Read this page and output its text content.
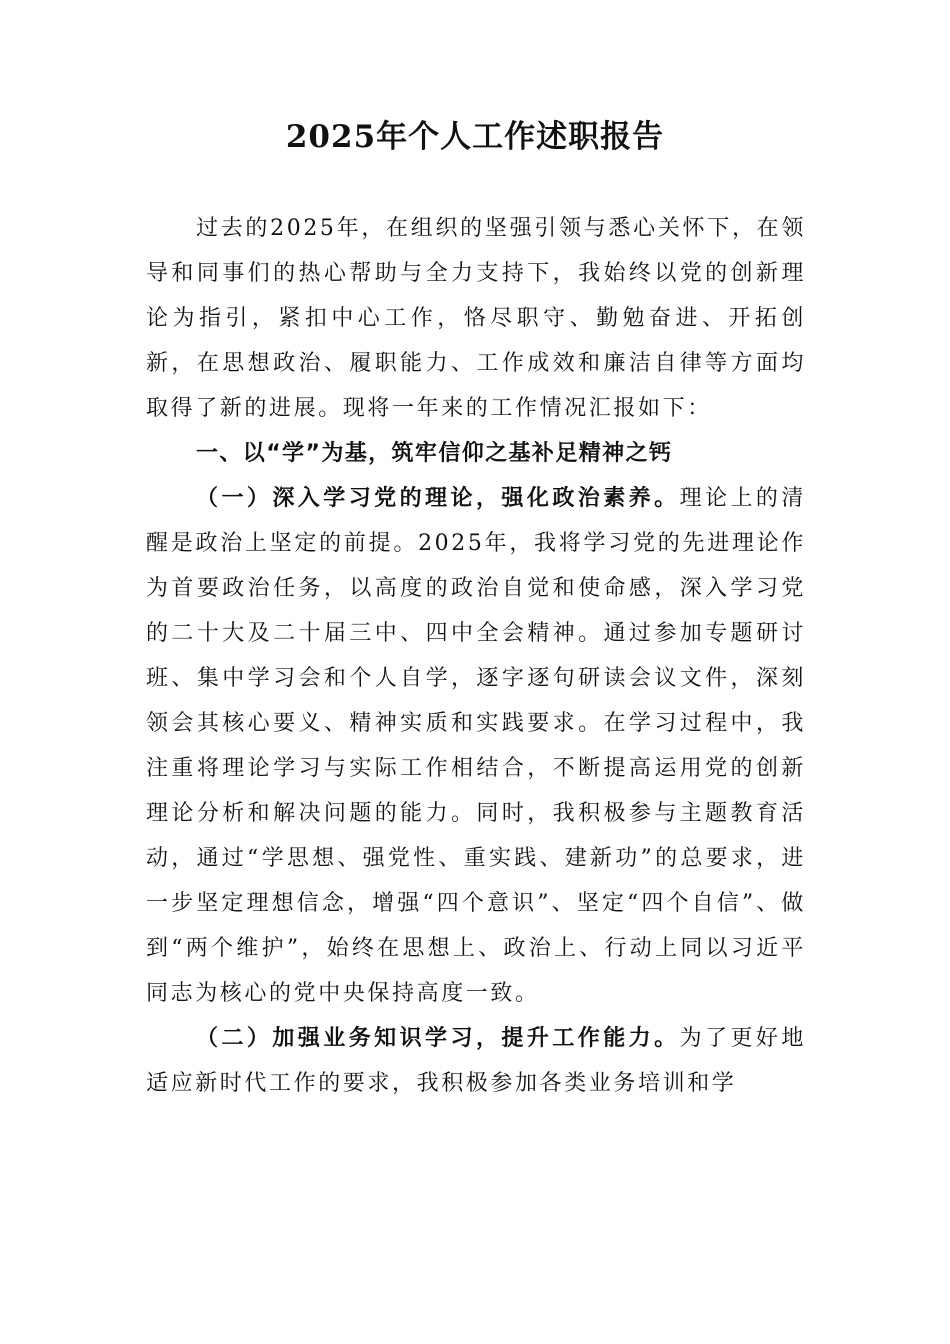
2025年个人工作述职报告

过去的2025年，在组织的坚强引领与悉心关怀下，在领导和同事们的热心帮助与全力支持下，我始终以党的创新理论为指引，紧扣中心工作，恪尽职守、勤勉奋进、开拓创新，在思想政治、履职能力、工作成效和廉洁自律等方面均取得了新的进展。现将一年来的工作情况汇报如下：

一、以“学”为基，筑牢信仰之基补足精神之钙

（一）深入学习党的理论，强化政治素养。理论上的清醒是政治上坚定的前提。2025年，我将学习党的先进理论作为首要政治任务，以高度的政治自觉和使命感，深入学习党的二十大及二十届三中、四中全会精神。通过参加专题研讨班、集中学习会和个人自学，逐字逐句研读会议文件，深刻领会其核心要义、精神实质和实践要求。在学习过程中，我注重将理论学习与实际工作相结合，不断提高运用党的创新理论分析和解决问题的能力。同时，我积极参与主题教育活动，通过“学思想、强党性、重实践、建新功”的总要求，进一步坚定理想信念，增强“四个意识”、坚定“四个自信”、做到“两个维护”，始终在思想上、政治上、行动上同以习近平同志为核心的党中央保持高度一致。

（二）加强业务知识学习，提升工作能力。为了更好地适应新时代工作的要求，我积极参加各类业务培训和学
